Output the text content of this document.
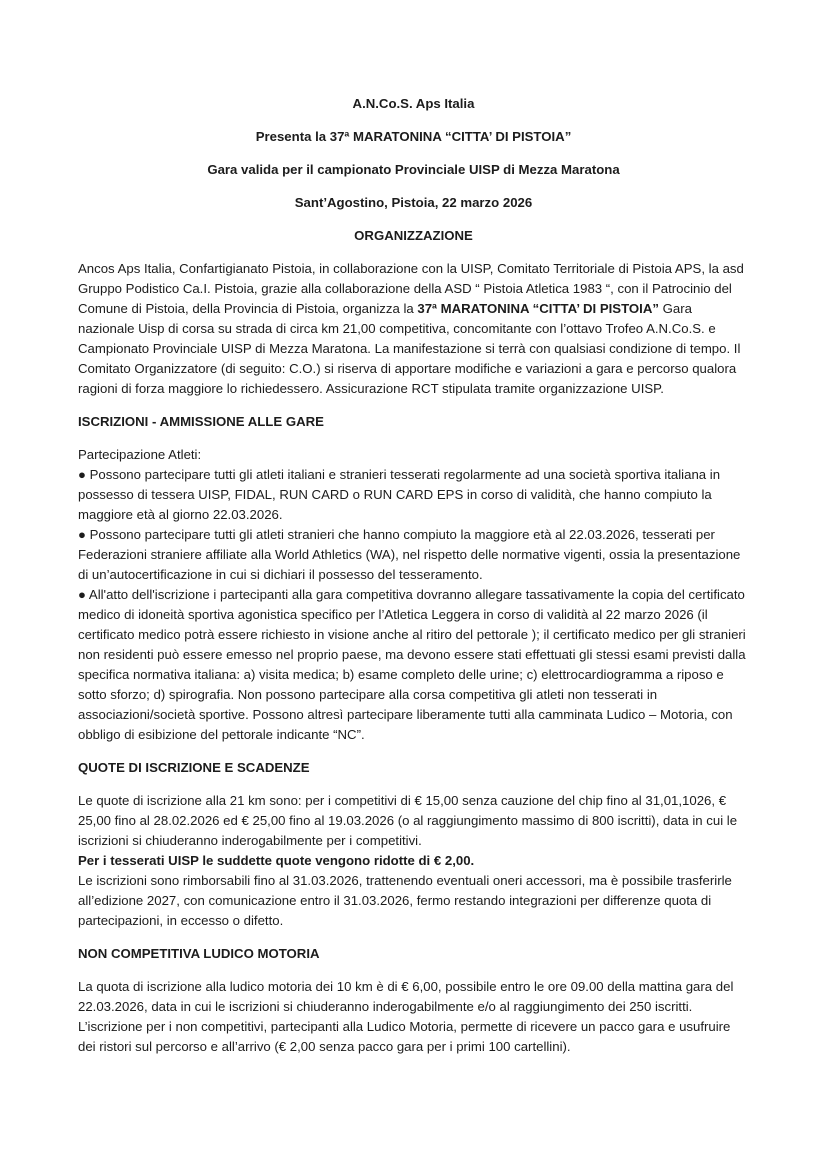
A.N.Co.S. Aps Italia
Presenta la 37ª MARATONINA “CITTA’ DI PISTOIA”
Gara valida per il campionato Provinciale UISP di Mezza Maratona
Sant’Agostino, Pistoia, 22 marzo 2026
ORGANIZZAZIONE
Ancos Aps Italia, Confartigianato Pistoia, in collaborazione con la UISP, Comitato Territoriale di Pistoia APS, la asd Gruppo Podistico Ca.I. Pistoia, grazie alla collaborazione della ASD “ Pistoia Atletica 1983 “, con il Patrocinio del Comune di Pistoia, della Provincia di Pistoia, organizza la 37ª MARATONINA “CITTA’ DI PISTOIA” Gara nazionale Uisp di corsa su strada di circa km 21,00 competitiva, concomitante con l’ottavo Trofeo A.N.Co.S. e Campionato Provinciale UISP di Mezza Maratona. La manifestazione si terrà con qualsiasi condizione di tempo. Il Comitato Organizzatore (di seguito: C.O.) si riserva di apportare modifiche e variazioni a gara e percorso qualora ragioni di forza maggiore lo richiedessero. Assicurazione RCT stipulata tramite organizzazione UISP.
ISCRIZIONI - AMMISSIONE ALLE GARE
Partecipazione Atleti:
● Possono partecipare tutti gli atleti italiani e stranieri tesserati regolarmente ad una società sportiva italiana in possesso di tessera UISP, FIDAL, RUN CARD o RUN CARD EPS in corso di validità, che hanno compiuto la maggiore età al giorno 22.03.2026.
● Possono partecipare tutti gli atleti stranieri che hanno compiuto la maggiore età al 22.03.2026, tesserati per Federazioni straniere affiliate alla World Athletics (WA), nel rispetto delle normative vigenti, ossia la presentazione di un’autocertificazione in cui si dichiari il possesso del tesseramento.
● All'atto dell'iscrizione i partecipanti alla gara competitiva dovranno allegare tassativamente la copia del certificato medico di idoneità sportiva agonistica specifico per l’Atletica Leggera in corso di validità al 22 marzo 2026 (il certificato medico potrà essere richiesto in visione anche al ritiro del pettorale ); il certificato medico per gli stranieri non residenti può essere emesso nel proprio paese, ma devono essere stati effettuati gli stessi esami previsti dalla specifica normativa italiana: a) visita medica; b) esame completo delle urine; c) elettrocardiogramma a riposo e sotto sforzo; d) spirografia. Non possono partecipare alla corsa competitiva gli atleti non tesserati in associazioni/società sportive. Possono altresì partecipare liberamente tutti alla camminata Ludico – Motoria, con obbligo di esibizione del pettorale indicante “NC”.
QUOTE DI ISCRIZIONE E SCADENZE
Le quote di iscrizione alla 21 km sono: per i competitivi di € 15,00 senza cauzione del chip fino al 31,01,1026, € 25,00 fino al 28.02.2026 ed € 25,00 fino al 19.03.2026 (o al raggiungimento massimo di 800 iscritti), data in cui le iscrizioni si chiuderanno inderogabilmente per i competitivi.
Per i tesserati UISP le suddette quote vengono ridotte di € 2,00.
Le iscrizioni sono rimborsabili fino al 31.03.2026, trattenendo eventuali oneri accessori, ma è possibile trasferirle all’edizione 2027, con comunicazione entro il 31.03.2026, fermo restando integrazioni per differenze quota di partecipazioni, in eccesso o difetto.
NON COMPETITIVA LUDICO MOTORIA
La quota di iscrizione alla ludico motoria dei 10 km è di € 6,00, possibile entro le ore 09.00 della mattina gara del 22.03.2026, data in cui le iscrizioni si chiuderanno inderogabilmente e/o al raggiungimento dei 250 iscritti. L’iscrizione per i non competitivi, partecipanti alla Ludico Motoria, permette di ricevere un pacco gara e usufruire dei ristori sul percorso e all’arrivo (€ 2,00 senza pacco gara per i primi 100 cartellini).
